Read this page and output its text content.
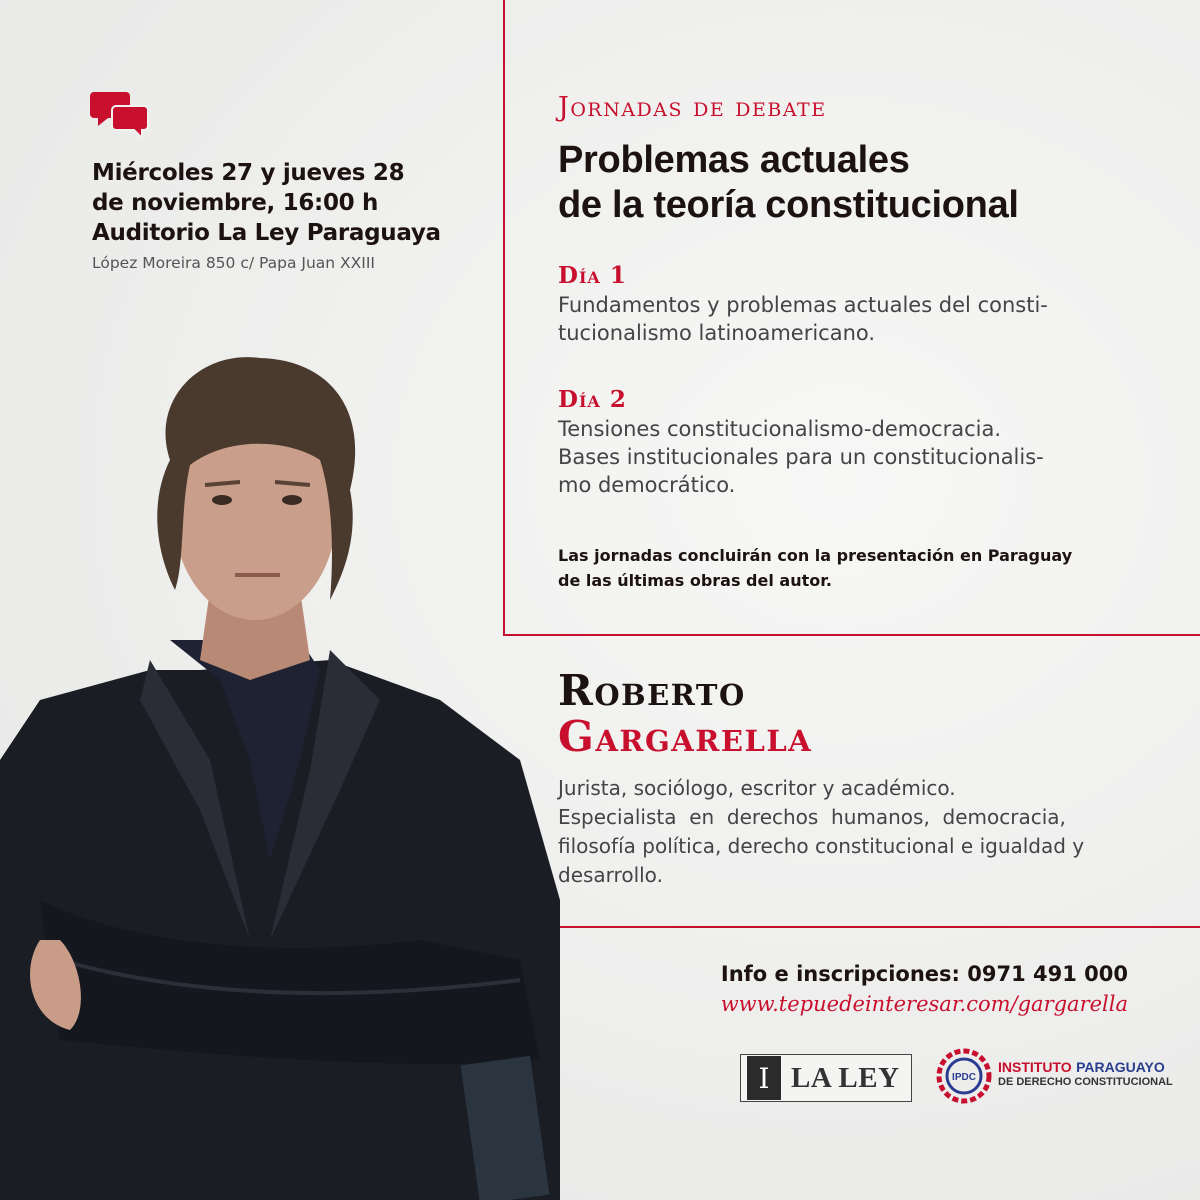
Miércoles 27 y jueves 28
de noviembre, 16:00 h
Auditorio La Ley Paraguaya
López Moreira 850 c/ Papa Juan XXIII
Jornadas de debate
Problemas actuales
de la teoría constitucional
Día 1
Fundamentos y problemas actuales del consti-
tucionalismo latinoamericano.
Día 2
Tensiones constitucionalismo-democracia.
Bases institucionales para un constitucionalis-
mo democrático.
Las jornadas concluirán con la presentación en Paraguay
de las últimas obras del autor.
Roberto
Gargarella
Jurista, sociólogo, escritor y académico.
Especialista  en  derechos  humanos,  democracia,
filosofía política, derecho constitucional e igualdad y
desarrollo.
Info e inscripciones: 0971 491 000
www.tepuedeinteresar.com/gargarella
I LA LEY	IPDC
INSTITUTO PARAGUAYO
DE DERECHO CONSTITUCIONAL
